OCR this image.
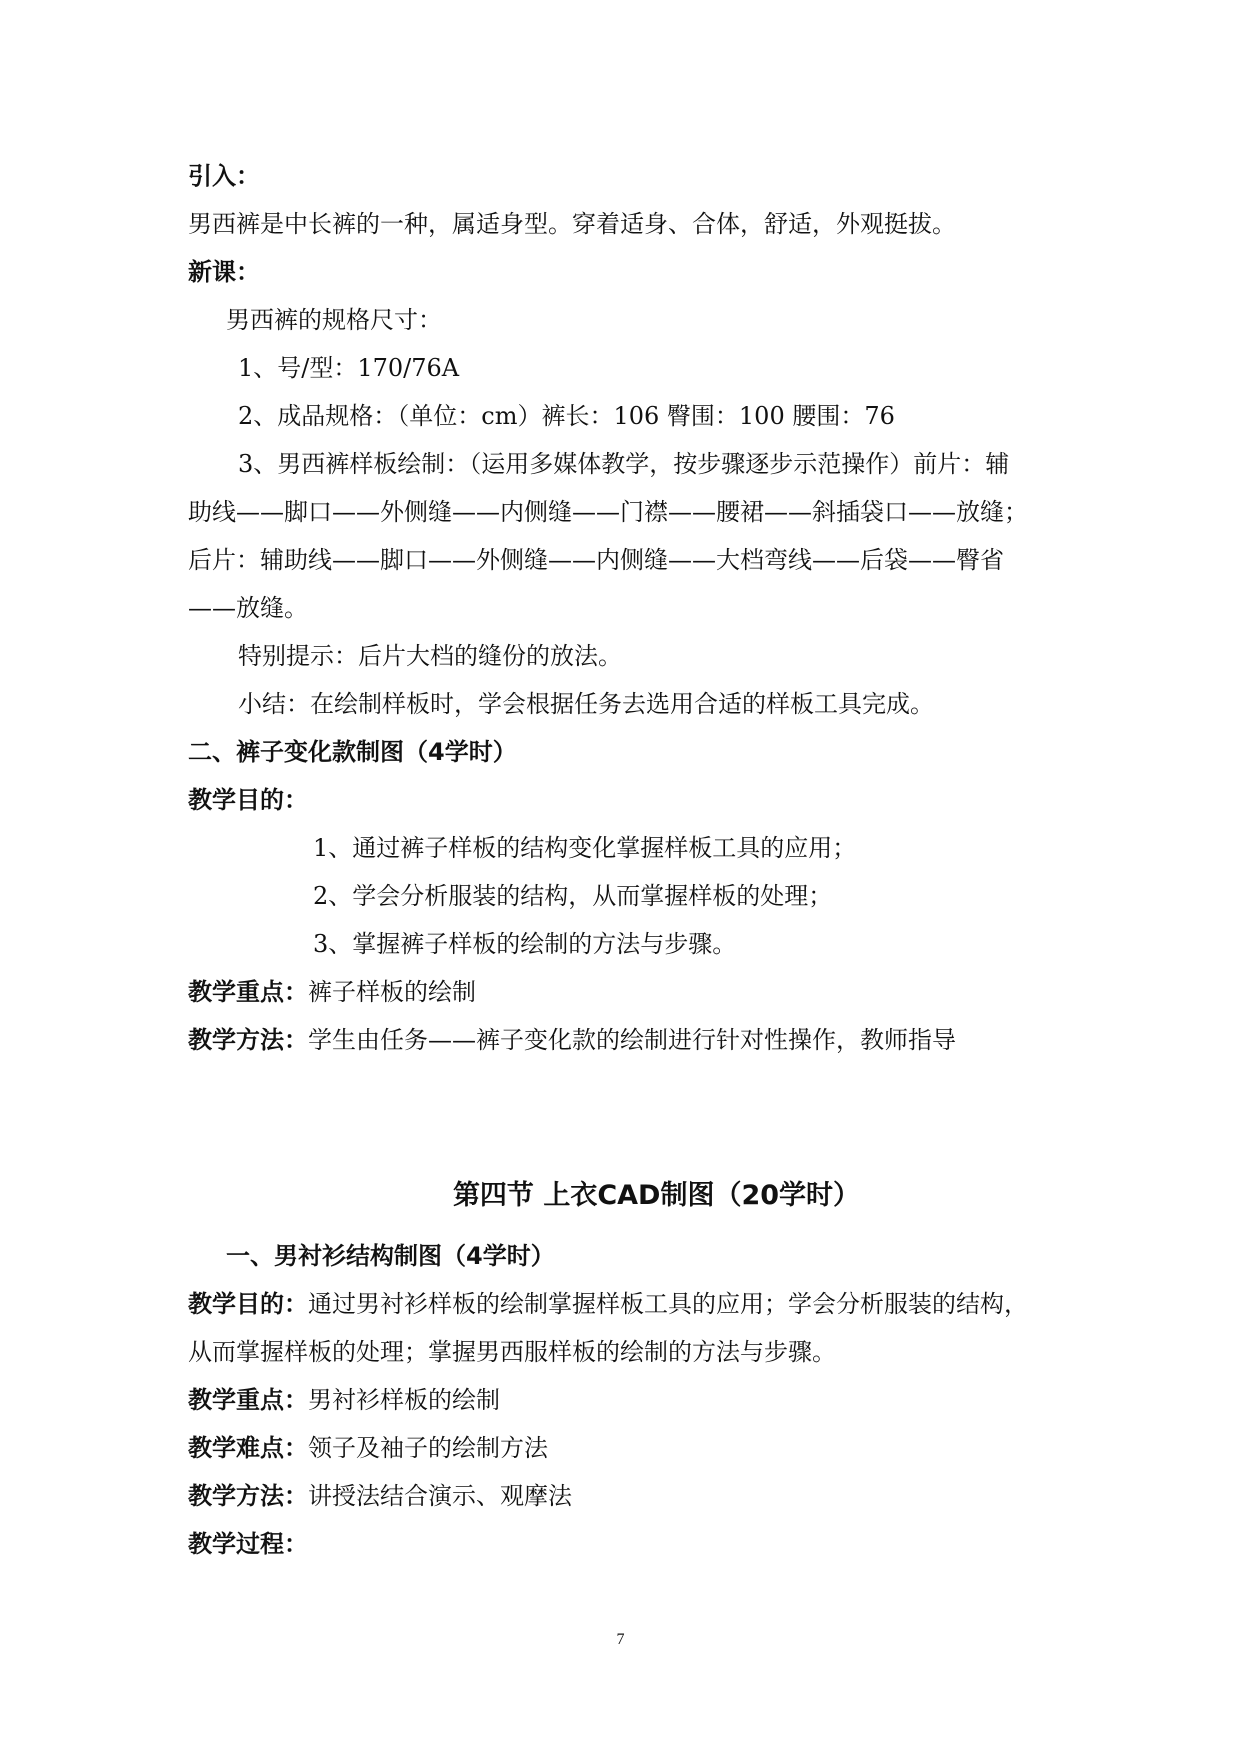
引入：
男西裤是中长裤的一种，属适身型。穿着适身、合体，舒适，外观挺拔。
新课：
男西裤的规格尺寸：
1、号/型：170/76A
2、成品规格：（单位：cm）裤长：106 臀围：100 腰围：76
3、男西裤样板绘制：（运用多媒体教学，按步骤逐步示范操作）前片：辅
助线——脚口——外侧缝——内侧缝——门襟——腰裙——斜插袋口——放缝；
后片：辅助线——脚口——外侧缝——内侧缝——大档弯线——后袋——臀省
——放缝。
特别提示：后片大档的缝份的放法。
小结：在绘制样板时，学会根据任务去选用合适的样板工具完成。
二、裤子变化款制图（4学时）
教学目的：
1、通过裤子样板的结构变化掌握样板工具的应用；
2、学会分析服装的结构，从而掌握样板的处理；
3、掌握裤子样板的绘制的方法与步骤。
教学重点：裤子样板的绘制
教学方法：学生由任务——裤子变化款的绘制进行针对性操作，教师指导
第四节 上衣CAD制图（20学时）
一、男衬衫结构制图（4学时）
教学目的：通过男衬衫样板的绘制掌握样板工具的应用；学会分析服装的结构，
从而掌握样板的处理；掌握男西服样板的绘制的方法与步骤。
教学重点：男衬衫样板的绘制
教学难点：领子及袖子的绘制方法
教学方法：讲授法结合演示、观摩法
教学过程：
7
